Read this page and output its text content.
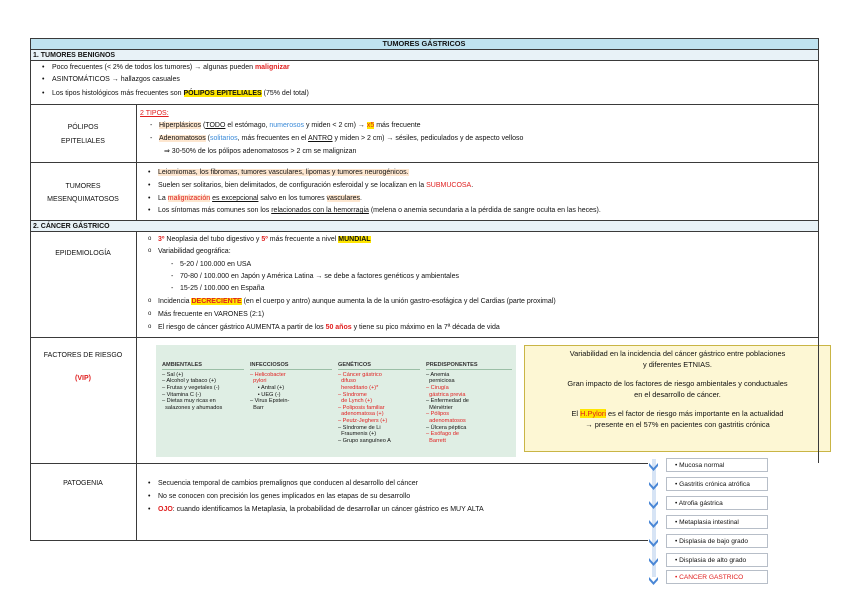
TUMORES GÁSTRICOS
1. TUMORES BENIGNOS
• Poco frecuentes (< 2% de todos los tumores) → algunas pueden malignizar
• ASINTOMÁTICOS → hallazgos casuales
• Los tipos histológicos más frecuentes son PÓLIPOS EPITELIALES (75% del total)
PÓLIPOS
EPITELIALES
2 TIPOS:
- Hiperplásicos (TODO el estómago, numerosos y miden < 2 cm) → x5 más frecuente
- Adenomatosos (solitarios, más frecuentes en el ANTRO y miden > 2 cm) → sésiles, pediculados y de aspecto velloso
⇒ 30-50% de los pólipos adenomatosos > 2 cm se malignizan
TUMORES
MESENQUIMATOSOS
• Leiomiomas, los fibromas, tumores vasculares, lipomas y tumores neurogénicos.
• Suelen ser solitarios, bien delimitados, de configuración esferoidal y se localizan en la SUBMUCOSA.
• La malignización es excepcional salvo en los tumores vasculares.
• Los síntomas más comunes son los relacionados con la hemorragia (melena o anemia secundaria a la pérdida de sangre oculta en las heces).
2. CÁNCER GÁSTRICO
EPIDEMIOLOGÍA
o 3º Neoplasia del tubo digestivo y 5º más frecuente a nivel MUNDIAL
o Variabilidad geográfica:
- 5-20 / 100.000 en USA
- 70-80 / 100.000 en Japón y América Latina → se debe a factores genéticos y ambientales
- 15-25 / 100.000 en España
o Incidencia DECRECIENTE (en el cuerpo y antro) aunque aumenta la de la unión gastro-esofágica y del Cardias (parte proximal)
o Más frecuente en VARONES (2:1)
o El riesgo de cáncer gástrico AUMENTA a partir de los 50 años y tiene su pico máximo en la 7ª década de vida
FACTORES DE RIESGO
(VIP)

AMBIENTALES
– Sal (+)
– Alcohol y tabaco (+)
– Frutas y vegetales (-)
– Vitamina C (-)
– Dietas muy ricas en
salazones y ahumados

INFECCIOSOS
– Helicobacter
pylori
• Antral (+)
• UEG (-)
– Virus Epstein-
Barr

GENÉTICOS
– Cáncer gástrico
difuso
hereditario (+)*
– Síndrome
de Lynch (+)
– Poliposis familiar
adenomatosa (+)
– Peutz-Jeghers (+)
– Síndrome de Li
Fraumenis (+)
– Grupo sanguíneo A

PREDISPONENTES
– Anemia
perniciosa
– Cirugía
gástrica previa
– Enfermedad de
Ménétrier
– Pólipos
adenomatosos
– Úlcera péptica
– Esófago de
Barrett

Variabilidad en la incidencia del cáncer gástrico entre poblaciones
y diferentes ETNIAS.
Gran impacto de los factores de riesgo ambientales y conductuales
en el desarrollo de cáncer.
El H.Pylori es el factor de riesgo más importante en la actualidad
→ presente en el 57% en pacientes con gastritis crónica
PATOGENIA
•	Secuencia temporal de cambios premalignos que conducen al desarrollo del cáncer
• No se conocen con precisión los genes implicados en las etapas de su desarrollo
• OJO: cuando identificamos la Metaplasia, la probabilidad de desarrollar un cáncer gástrico es MUY ALTA
• Mucosa normal
• Gastritis crónica atrófica
• Atrofia gástrica
• Metaplasia intestinal
• Displasia de bajo grado
• Displasia de alto grado
• CANCER GASTRICO
